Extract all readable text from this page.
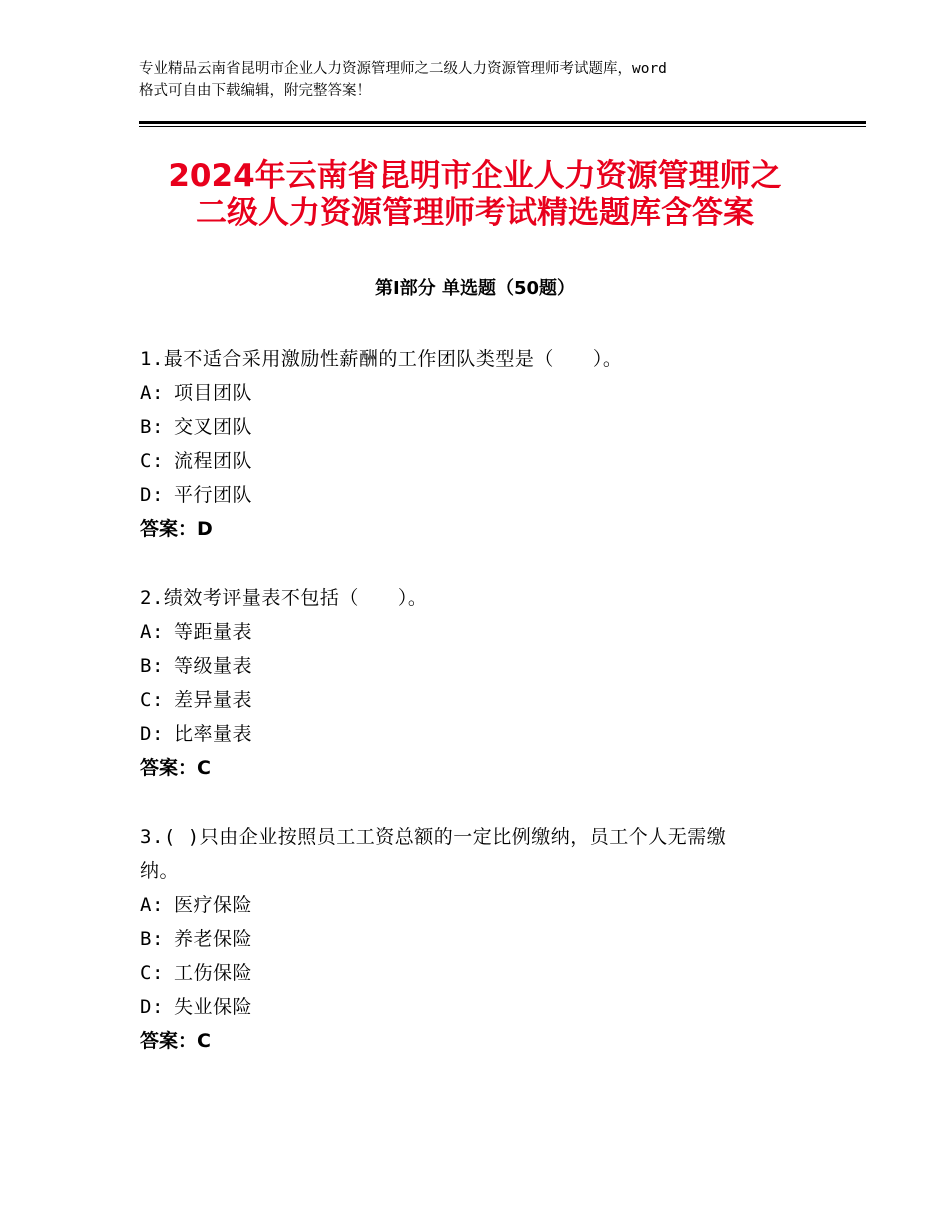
专业精品云南省昆明市企业人力资源管理师之二级人力资源管理师考试题库，word
格式可自由下载编辑，附完整答案！
2024年云南省昆明市企业人力资源管理师之
二级人力资源管理师考试精选题库含答案
第Ⅰ部分 单选题（50题）
1.最不适合采用激励性薪酬的工作团队类型是（　　）。
A: 项目团队
B: 交叉团队
C: 流程团队
D: 平行团队
答案：D
2.绩效考评量表不包括（　　）。
A: 等距量表
B: 等级量表
C: 差异量表
D: 比率量表
答案：C
3.( )只由企业按照员工工资总额的一定比例缴纳，员工个人无需缴
纳。
A: 医疗保险
B: 养老保险
C: 工伤保险
D: 失业保险
答案：C
